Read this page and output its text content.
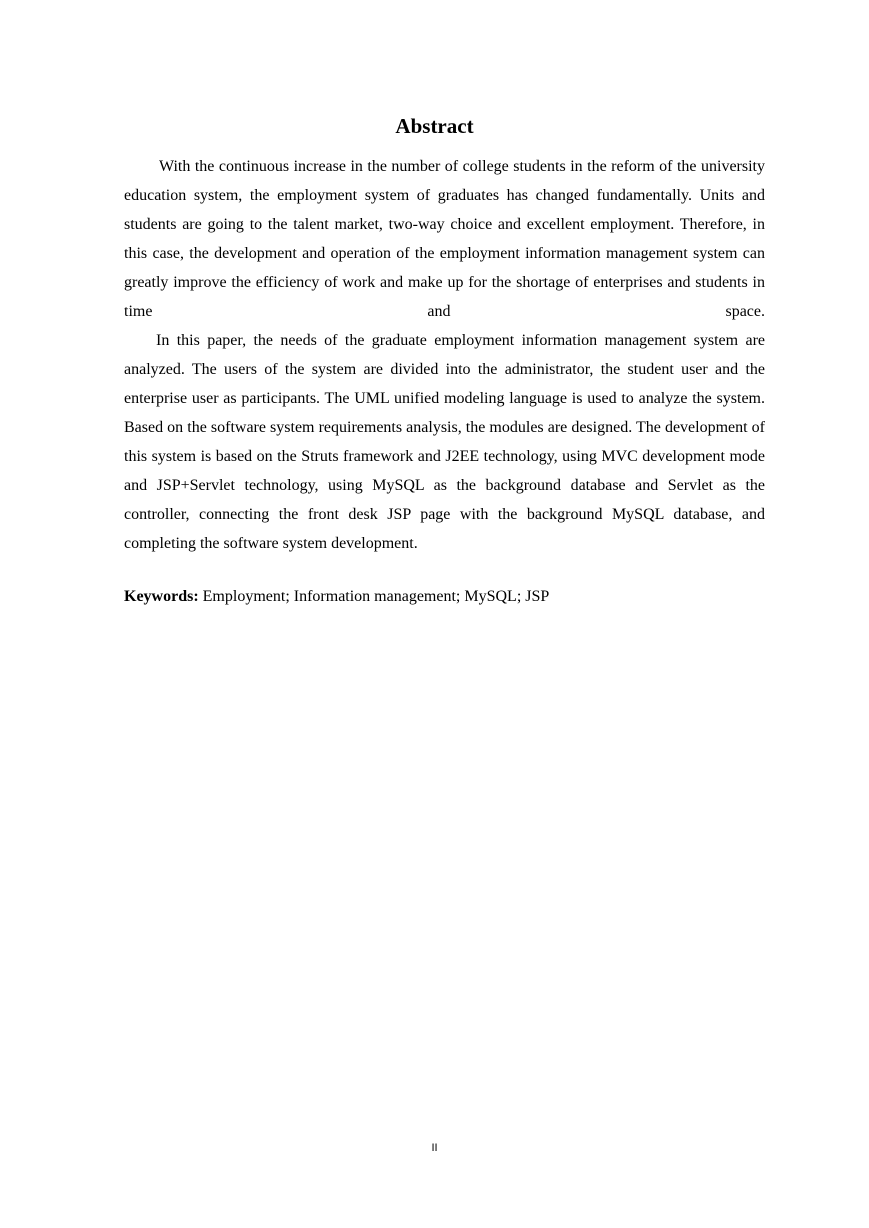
Abstract

With the continuous increase in the number of college students in the reform of the university education system, the employment system of graduates has changed fundamentally. Units and students are going to the talent market, two-way choice and excellent employment. Therefore, in this case, the development and operation of the employment information management system can greatly improve the efficiency of work and make up for the shortage of enterprises and students in time and space.

In this paper, the needs of the graduate employment information management system are analyzed. The users of the system are divided into the administrator, the student user and the enterprise user as participants. The UML unified modeling language is used to analyze the system. Based on the software system requirements analysis, the modules are designed. The development of this system is based on the Struts framework and J2EE technology, using MVC development mode and JSP+Servlet technology, using MySQL as the background database and Servlet as the controller, connecting the front desk JSP page with the background MySQL database, and completing the software system development.

Keywords: Employment; Information management; MySQL; JSP
II
